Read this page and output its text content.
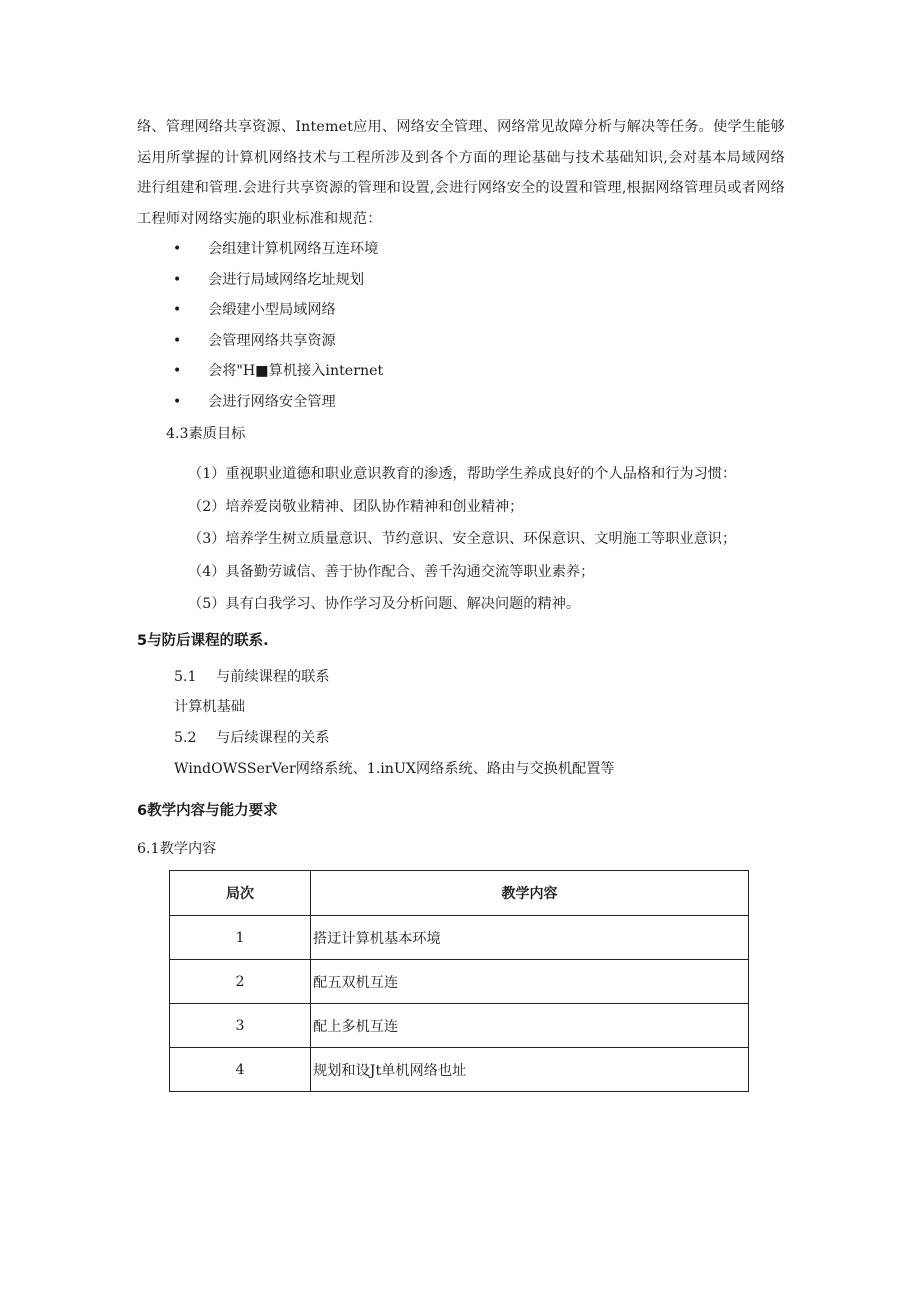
络、管理网络共享资源、Intemet应用、网络安全管理、网络常见故障分析与解决等任务。使学生能够运用所掌握的计算机网络技术与工程所涉及到各个方面的理论基础与技术基础知识,会对基本局域网络进行组建和管理.会进行共享资源的管理和设置,会进行网络安全的设置和管理,根据网络管理员或者网络工程师对网络实施的职业标准和规范：
• 会组建计算机网络互连环境
• 会进行局域网络圪址规划
• 会缎建小型局域网络
• 会管理网络共享资源
• 会将"H■算机接入internet
• 会进行网络安全管理
4.3素质目标
（1）重视职业道德和职业意识教育的渗透，帮助学生养成良好的个人品格和行为习惯：
（2）培养爱岗敬业精神、团队协作精神和创业精神；
（3）培养学生树立质量意识、节约意识、安全意识、环保意识、文明施工等职业意识；
（4）具备勤劳诚信、善于协作配合、善千沟通交流等职业素养；
（5）具有白我学习、协作学习及分析问题、解决问题的精神。
5与防后课程的联系.
5.1 与前续课程的联系
计算机基础
5.2 与后续课程的关系
WindOWSSerVer网络系统、1.inUX网络系统、路由与交换机配置等
6教学内容与能力要求
6.1教学内容
局次	教学内容
1	搭迂计算机基本环境
2	配五双机互连
3	配上多机互连
4	规划和设Jt单机网络也址
